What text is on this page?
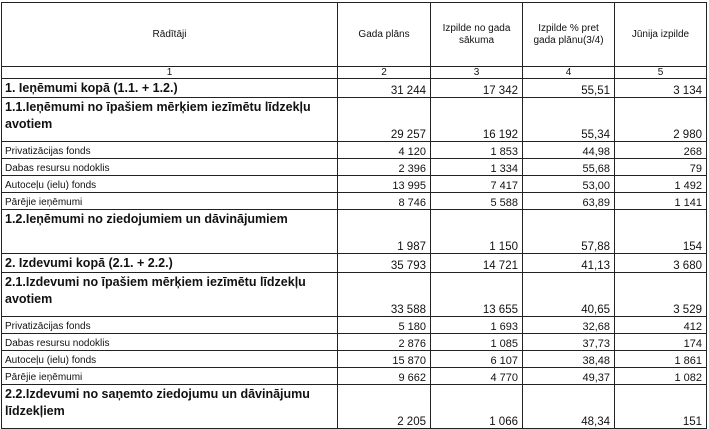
Rādītāji	Gada plāns	Izpilde no gada sākuma	Izpilde % pret gada plānu(3/4)	Jūnija izpilde
1	2	3	4	5
1. Ieņēmumi kopā (1.1. + 1.2.)	31 244	17 342	55,51	3 134
1.1.Ieņēmumi no īpašiem mērķiem iezīmētu līdzekļu avotiem	29 257	16 192	55,34	2 980
Privatizācijas fonds	4 120	1 853	44,98	268
Dabas resursu nodoklis	2 396	1 334	55,68	79
Autoceļu (ielu) fonds	13 995	7 417	53,00	1 492
Pārējie ieņēmumi	8 746	5 588	63,89	1 141
1.2.Ieņēmumi no ziedojumiem un dāvinājumiem	1 987	1 150	57,88	154
2. Izdevumi kopā (2.1. + 2.2.)	35 793	14 721	41,13	3 680
2.1.Izdevumi no īpašiem mērķiem iezīmētu līdzekļu avotiem	33 588	13 655	40,65	3 529
Privatizācijas fonds	5 180	1 693	32,68	412
Dabas resursu nodoklis	2 876	1 085	37,73	174
Autoceļu (ielu) fonds	15 870	6 107	38,48	1 861
Pārējie ieņēmumi	9 662	4 770	49,37	1 082
2.2.Izdevumi no saņemto ziedojumu un dāvinājumu līdzekļiem	2 205	1 066	48,34	151
